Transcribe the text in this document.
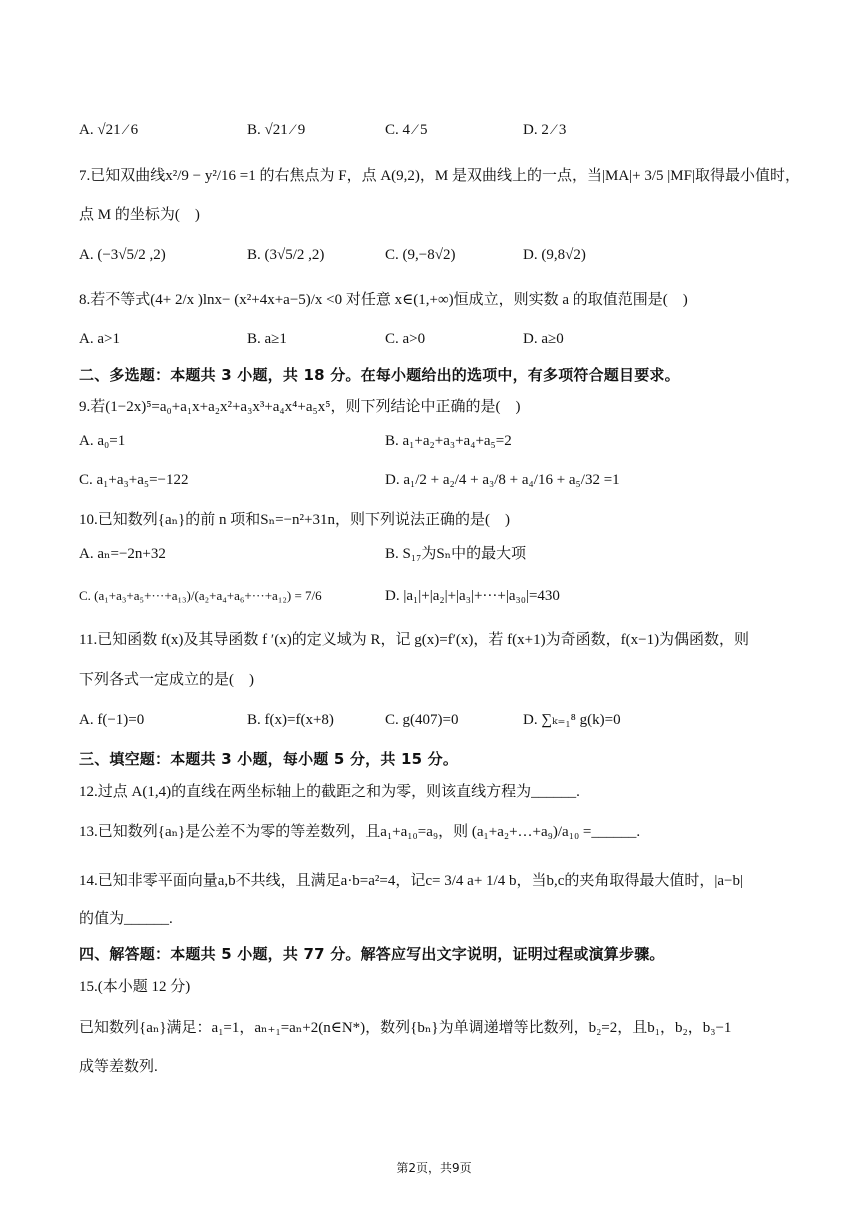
A. √21 ⁄ 6	B. √21 ⁄ 9	C. 4 ⁄ 5	D. 2 ⁄ 3
7.已知双曲线x²/9 − y²/16 =1 的右焦点为 F，点 A(9,2)，M 是双曲线上的一点，当|MA|+ 3/5 |MF|取得最小值时，
点 M 的坐标为(　)
A. (−3√5/2 ,2)	B. (3√5/2 ,2)	C. (9,−8√2)	D. (9,8√2)
8.若不等式(4+ 2/x )lnx− (x²+4x+a−5)/x <0 对任意 x∈(1,+∞)恒成立，则实数 a 的取值范围是(　)
A. a>1	B. a≥1	C. a>0	D. a≥0
二、多选题：本题共 3 小题，共 18 分。在每小题给出的选项中，有多项符合题目要求。
9.若(1−2x)⁵=a₀+a₁x+a₂x²+a₃x³+a₄x⁴+a₅x⁵，则下列结论中正确的是(　)
A. a₀=1	B. a₁+a₂+a₃+a₄+a₅=2
C. a₁+a₃+a₅=−122	D. a₁/2 + a₂/4 + a₃/8 + a₄/16 + a₅/32 =1
10.已知数列{aₙ}的前 n 项和Sₙ=−n²+31n，则下列说法正确的是(　)
A. aₙ=−2n+32	B. S₁₇为Sₙ中的最大项
C. (a₁+a₃+a₅+···+a₁₃)/(a₂+a₄+a₆+···+a₁₂) = 7/6	D. |a₁|+|a₂|+|a₃|+···+|a₃₀|=430
11.已知函数 f(x)及其导函数 f ′(x)的定义域为 R，记 g(x)=f′(x)，若 f(x+1)为奇函数，f(x−1)为偶函数，则
下列各式一定成立的是(　)
A. f(−1)=0	B. f(x)=f(x+8)	C. g(407)=0	D. ∑ₖ₌₁⁸ g(k)=0
三、填空题：本题共 3 小题，每小题 5 分，共 15 分。
12.过点 A(1,4)的直线在两坐标轴上的截距之和为零，则该直线方程为______.
13.已知数列{aₙ}是公差不为零的等差数列，且a₁+a₁₀=a₉，则 (a₁+a₂+…+a₉)/a₁₀ =______.
14.已知非零平面向量a,b不共线，且满足a·b=a²=4，记c= 3/4 a+ 1/4 b，当b,c的夹角取得最大值时，|a−b|
的值为______.
四、解答题：本题共 5 小题，共 77 分。解答应写出文字说明，证明过程或演算步骤。
15.(本小题 12 分)
已知数列{aₙ}满足：a₁=1，aₙ₊₁=aₙ+2(n∈N*)，数列{bₙ}为单调递增等比数列，b₂=2，且b₁，b₂，b₃−1
成等差数列.
第2页，共9页
